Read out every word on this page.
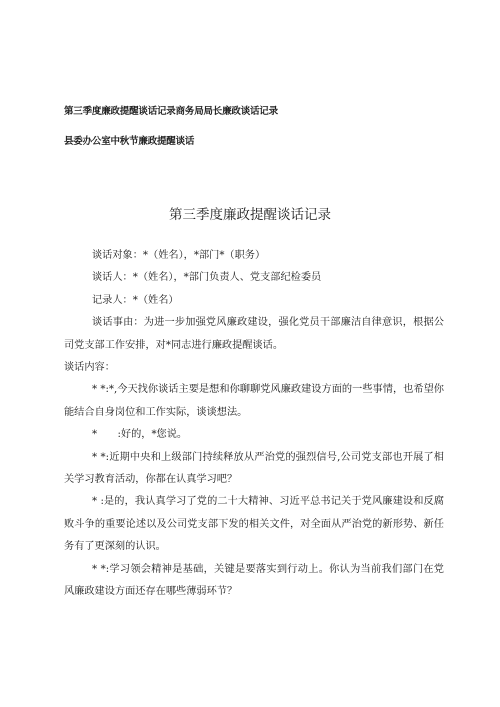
第三季度廉政提醒谈话记录商务局局长廉政谈话记录
县委办公室中秋节廉政提醒谈话
第三季度廉政提醒谈话记录

谈话对象：*（姓名），*部门*（职务）

谈话人：*（姓名），*部门负责人、党支部纪检委员

记录人：*（姓名）

谈话事由：为进一步加强党风廉政建设，强化党员干部廉洁自律意识，根据公司党支部工作安排，对*同志进行廉政提醒谈话。

谈话内容：

* *:*,今天找你谈话主要是想和你聊聊党风廉政建设方面的一些事情，也希望你能结合自身岗位和工作实际，谈谈想法。

*　　:好的，*您说。

* *:近期中央和上级部门持续释放从严治党的强烈信号,公司党支部也开展了相关学习教育活动，你都在认真学习吧？

* :是的，我认真学习了党的二十大精神、习近平总书记关于党风廉建设和反腐败斗争的重要论述以及公司党支部下发的相关文件，对全面从严治党的新形势、新任务有了更深刻的认识。

* *:学习领会精神是基础，关键是要落实到行动上。你认为当前我们部门在党风廉政建设方面还存在哪些薄弱环节？
